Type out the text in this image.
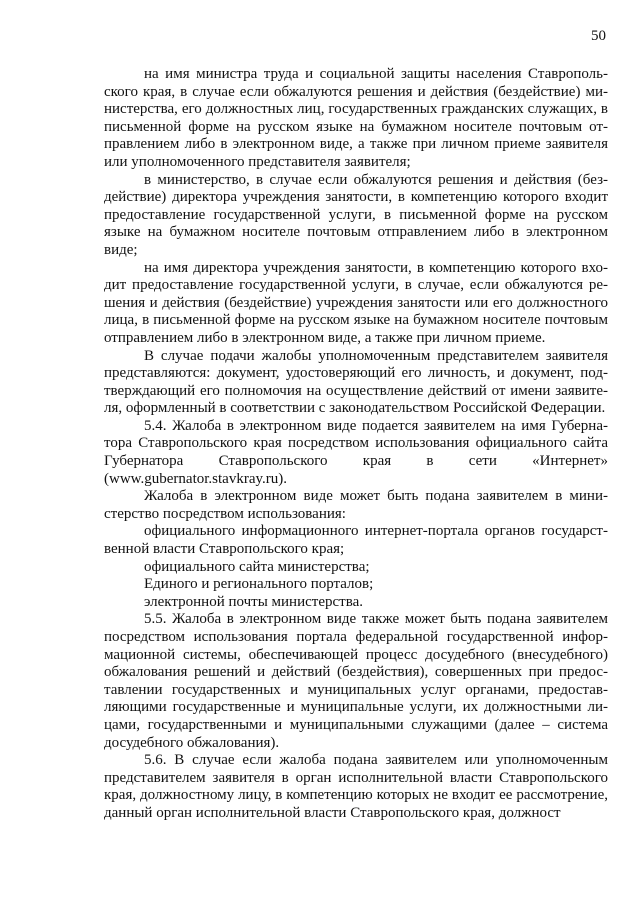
50

на имя министра труда и социальной защиты населения Ставропольского края, в случае если обжалуются решения и действия (бездействие) министерства, его должностных лиц, государственных гражданских служащих, в письменной форме на русском языке на бумажном носителе почтовым отправлением либо в электронном виде, а также при личном приеме заявителя или уполномоченного представителя заявителя;

в министерство, в случае если обжалуются решения и действия (бездействие) директора учреждения занятости, в компетенцию которого входит предоставление государственной услуги, в письменной форме на русском языке на бумажном носителе почтовым отправлением либо в электронном виде;

на имя директора учреждения занятости, в компетенцию которого входит предоставление государственной услуги, в случае, если обжалуются решения и действия (бездействие) учреждения занятости или его должностного лица, в письменной форме на русском языке на бумажном носителе почтовым отправлением либо в электронном виде, а также при личном приеме.

В случае подачи жалобы уполномоченным представителем заявителя представляются: документ, удостоверяющий его личность, и документ, подтверждающий его полномочия на осуществление действий от имени заявителя, оформленный в соответствии с законодательством Российской Федерации.

5.4. Жалоба в электронном виде подается заявителем на имя Губернатора Ставропольского края посредством использования официального сайта Губернатора Ставропольского края в сети «Интернет» (www.gubernator.stavkray.ru).

Жалоба в электронном виде может быть подана заявителем в министерство посредством использования:

официального информационного интернет-портала органов государственной власти Ставропольского края;

официального сайта министерства;

Единого и регионального порталов;

электронной почты министерства.

5.5. Жалоба в электронном виде также может быть подана заявителем посредством использования портала федеральной государственной информационной системы, обеспечивающей процесс досудебного (внесудебного) обжалования решений и действий (бездействия), совершенных при предоставлении государственных и муниципальных услуг органами, предоставляющими государственные и муниципальные услуги, их должностными лицами, государственными и муниципальными служащими (далее – система досудебного обжалования).

5.6. В случае если жалоба подана заявителем или уполномоченным представителем заявителя в орган исполнительной власти Ставропольского края, должностному лицу, в компетенцию которых не входит ее рассмотрение, данный орган исполнительной власти Ставропольского края, должност
